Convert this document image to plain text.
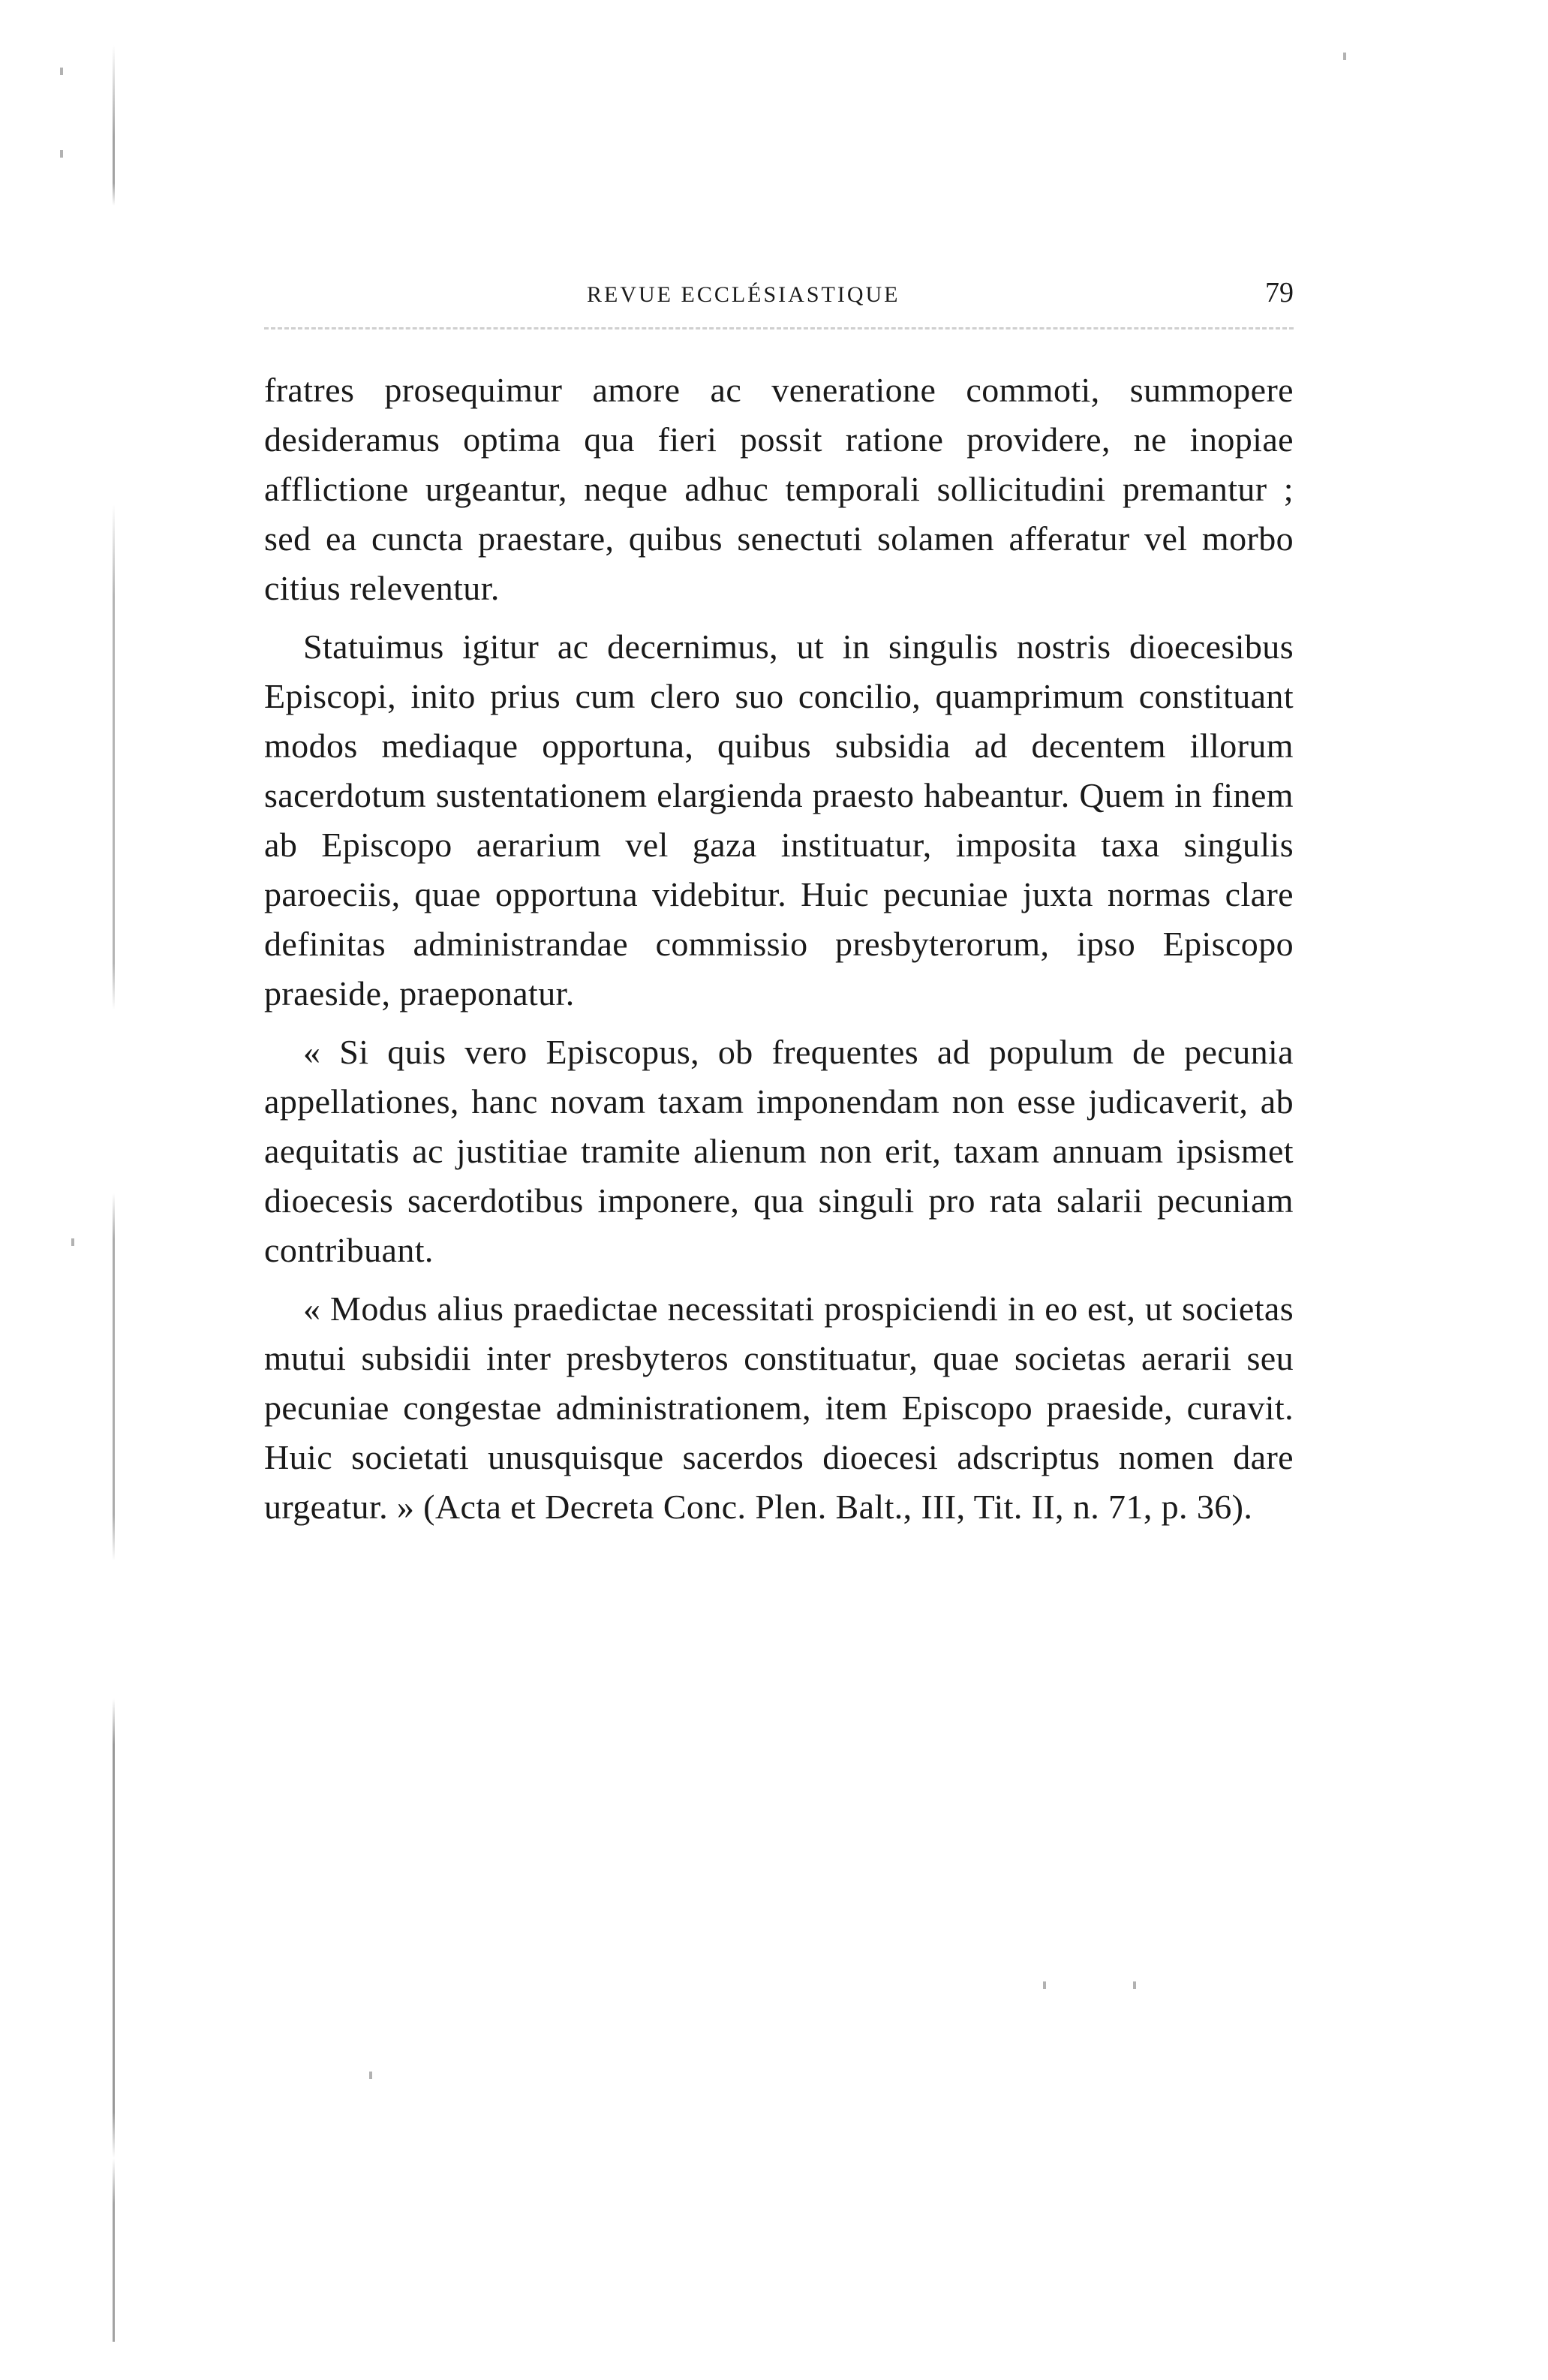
REVUE ECCLÉSIASTIQUE	79

fratres prosequimur amore ac veneratione commoti, summopere desideramus optima qua fieri possit ratione providere, ne inopiae afflictione urgeantur, neque adhuc temporali sollicitudini premantur ; sed ea cuncta praestare, quibus senectuti solamen afferatur vel morbo citius releventur.

Statuimus igitur ac decernimus, ut in singulis nostris dioecesibus Episcopi, inito prius cum clero suo concilio, quamprimum constituant modos mediaque opportuna, quibus subsidia ad decentem illorum sacerdotum sustentationem elargienda praesto habeantur. Quem in finem ab Episcopo aerarium vel gaza instituatur, imposita taxa singulis paroeciis, quae opportuna videbitur. Huic pecuniae juxta normas clare definitas administrandae commissio presbyterorum, ipso Episcopo praeside, praeponatur.

« Si quis vero Episcopus, ob frequentes ad populum de pecunia appellationes, hanc novam taxam imponendam non esse judicaverit, ab aequitatis ac justitiae tramite alienum non erit, taxam annuam ipsismet dioecesis sacerdotibus imponere, qua singuli pro rata salarii pecuniam contribuant.

« Modus alius praedictae necessitati prospiciendi in eo est, ut societas mutui subsidii inter presbyteros constituatur, quae societas aerarii seu pecuniae congestae administrationem, item Episcopo praeside, curavit. Huic societati unusquisque sacerdos dioecesi adscriptus nomen dare urgeatur. » (Acta et Decreta Conc. Plen. Balt., III, Tit. II, n. 71, p. 36).
